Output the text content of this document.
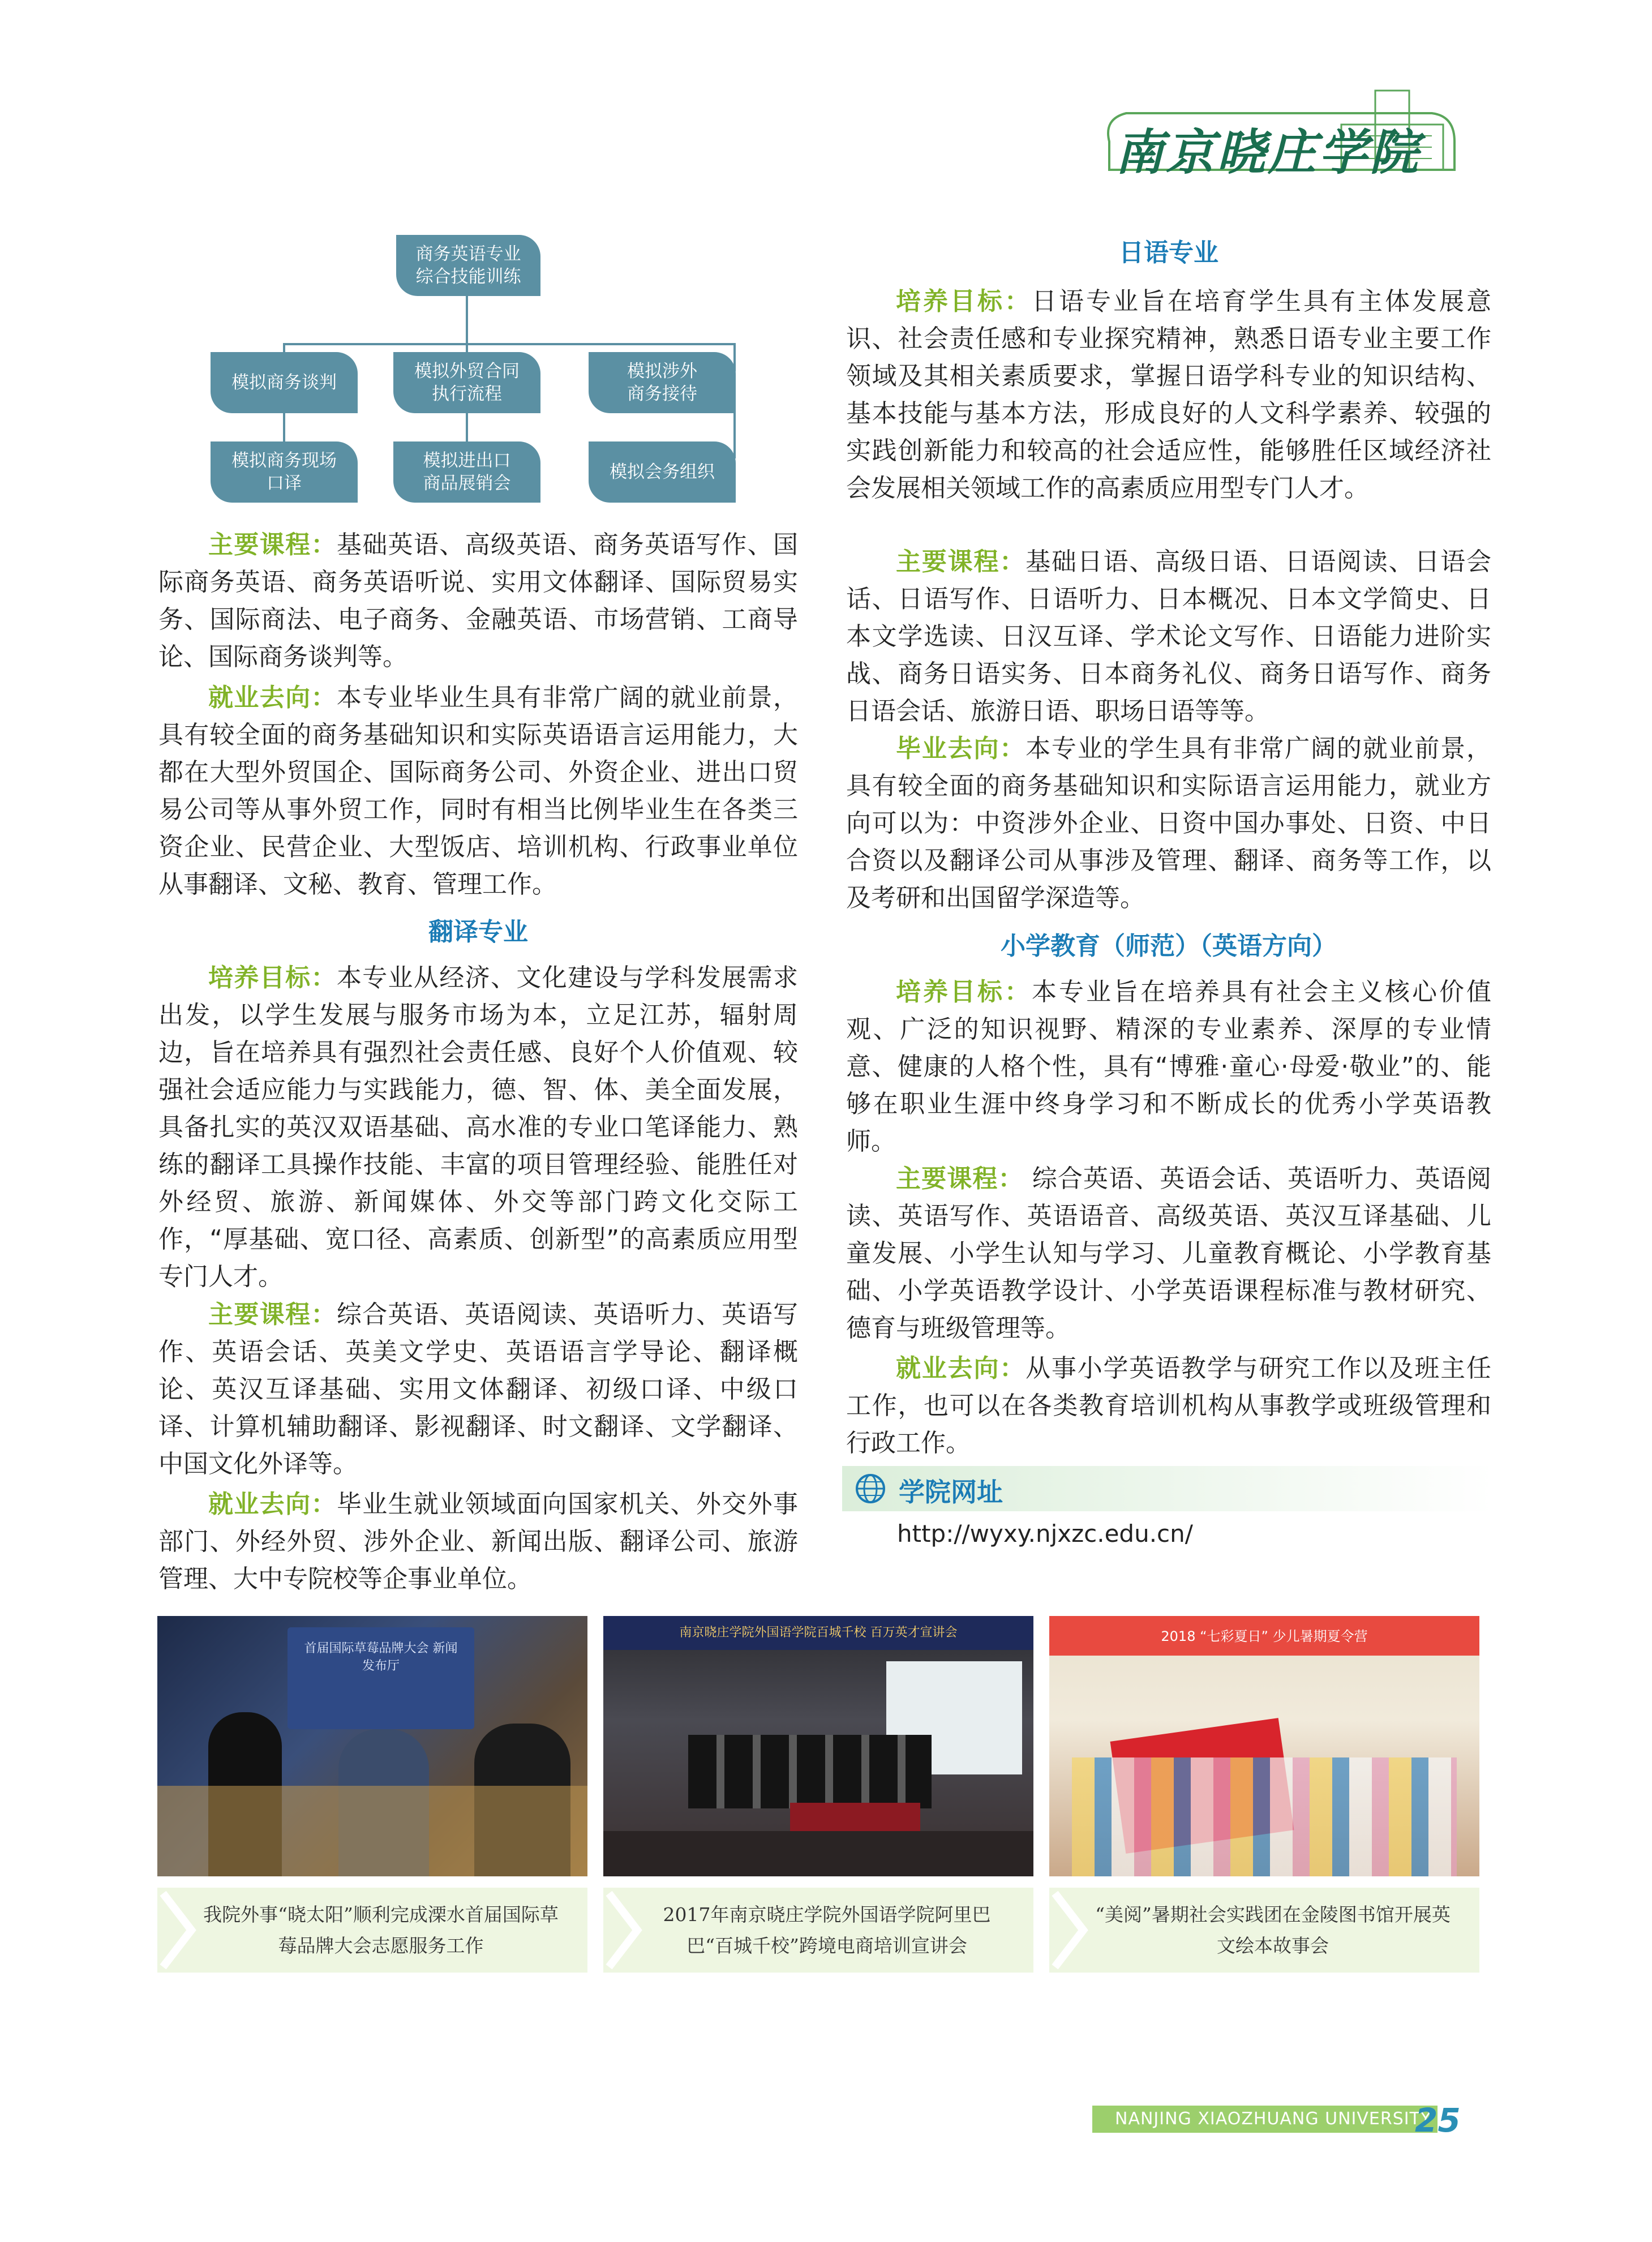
南京晓庄学院
商务英语专业
综合技能训练
模拟商务谈判
模拟外贸合同
执行流程
模拟涉外
商务接待
模拟商务现场
口译
模拟进出口
商品展销会
模拟会务组织
主要课程：基础英语、高级英语、商务英语写作、国际商务英语、商务英语听说、实用文体翻译、国际贸易实务、国际商法、电子商务、金融英语、市场营销、工商导论、国际商务谈判等。
就业去向：本专业毕业生具有非常广阔的就业前景，具有较全面的商务基础知识和实际英语语言运用能力，大都在大型外贸国企、国际商务公司、外资企业、进出口贸易公司等从事外贸工作，同时有相当比例毕业生在各类三资企业、民营企业、大型饭店、培训机构、行政事业单位从事翻译、文秘、教育、管理工作。
翻译专业
培养目标：本专业从经济、文化建设与学科发展需求出发，以学生发展与服务市场为本，立足江苏，辐射周边，旨在培养具有强烈社会责任感、良好个人价值观、较强社会适应能力与实践能力，德、智、体、美全面发展，具备扎实的英汉双语基础、高水准的专业口笔译能力、熟练的翻译工具操作技能、丰富的项目管理经验、能胜任对外经贸、旅游、新闻媒体、外交等部门跨文化交际工作，“厚基础、宽口径、高素质、创新型”的高素质应用型专门人才。
主要课程：综合英语、英语阅读、英语听力、英语写作、英语会话、英美文学史、英语语言学导论、翻译概论、英汉互译基础、实用文体翻译、初级口译、中级口译、计算机辅助翻译、影视翻译、时文翻译、文学翻译、中国文化外译等。
就业去向：毕业生就业领域面向国家机关、外交外事部门、外经外贸、涉外企业、新闻出版、翻译公司、旅游管理、大中专院校等企事业单位。
日语专业
培养目标：日语专业旨在培育学生具有主体发展意识、社会责任感和专业探究精神，熟悉日语专业主要工作领域及其相关素质要求，掌握日语学科专业的知识结构、基本技能与基本方法，形成良好的人文科学素养、较强的实践创新能力和较高的社会适应性，能够胜任区域经济社会发展相关领域工作的高素质应用型专门人才。
主要课程：基础日语、高级日语、日语阅读、日语会话、日语写作、日语听力、日本概况、日本文学简史、日本文学选读、日汉互译、学术论文写作、日语能力进阶实战、商务日语实务、日本商务礼仪、商务日语写作、商务日语会话、旅游日语、职场日语等等。
毕业去向：本专业的学生具有非常广阔的就业前景，具有较全面的商务基础知识和实际语言运用能力，就业方向可以为：中资涉外企业、日资中国办事处、日资、中日合资以及翻译公司从事涉及管理、翻译、商务等工作，以及考研和出国留学深造等。
小学教育（师范）（英语方向）
培养目标：本专业旨在培养具有社会主义核心价值观、广泛的知识视野、精深的专业素养、深厚的专业情意、健康的人格个性，具有“博雅·童心·母爱·敬业”的、能够在职业生涯中终身学习和不断成长的优秀小学英语教师。
主要课程： 综合英语、英语会话、英语听力、英语阅读、英语写作、英语语音、高级英语、英汉互译基础、儿童发展、小学生认知与学习、儿童教育概论、小学教育基础、小学英语教学设计、小学英语课程标准与教材研究、德育与班级管理等。
就业去向：从事小学英语教学与研究工作以及班主任工作，也可以在各类教育培训机构从事教学或班级管理和行政工作。
学院网址
http://wyxy.njxzc.edu.cn/
首届国际草莓品牌大会 新闻发布厅
南京晓庄学院外国语学院百城千校 百万英才宣讲会	2018 “七彩夏日” 少儿暑期夏令营
我院外事“晓太阳”顺利完成溧水首届国际草莓品牌大会志愿服务工作
2017年南京晓庄学院外国语学院阿里巴巴“百城千校”跨境电商培训宣讲会
“美阅”暑期社会实践团在金陵图书馆开展英文绘本故事会
NANJING XIAOZHUANG UNIVERSITY
25
